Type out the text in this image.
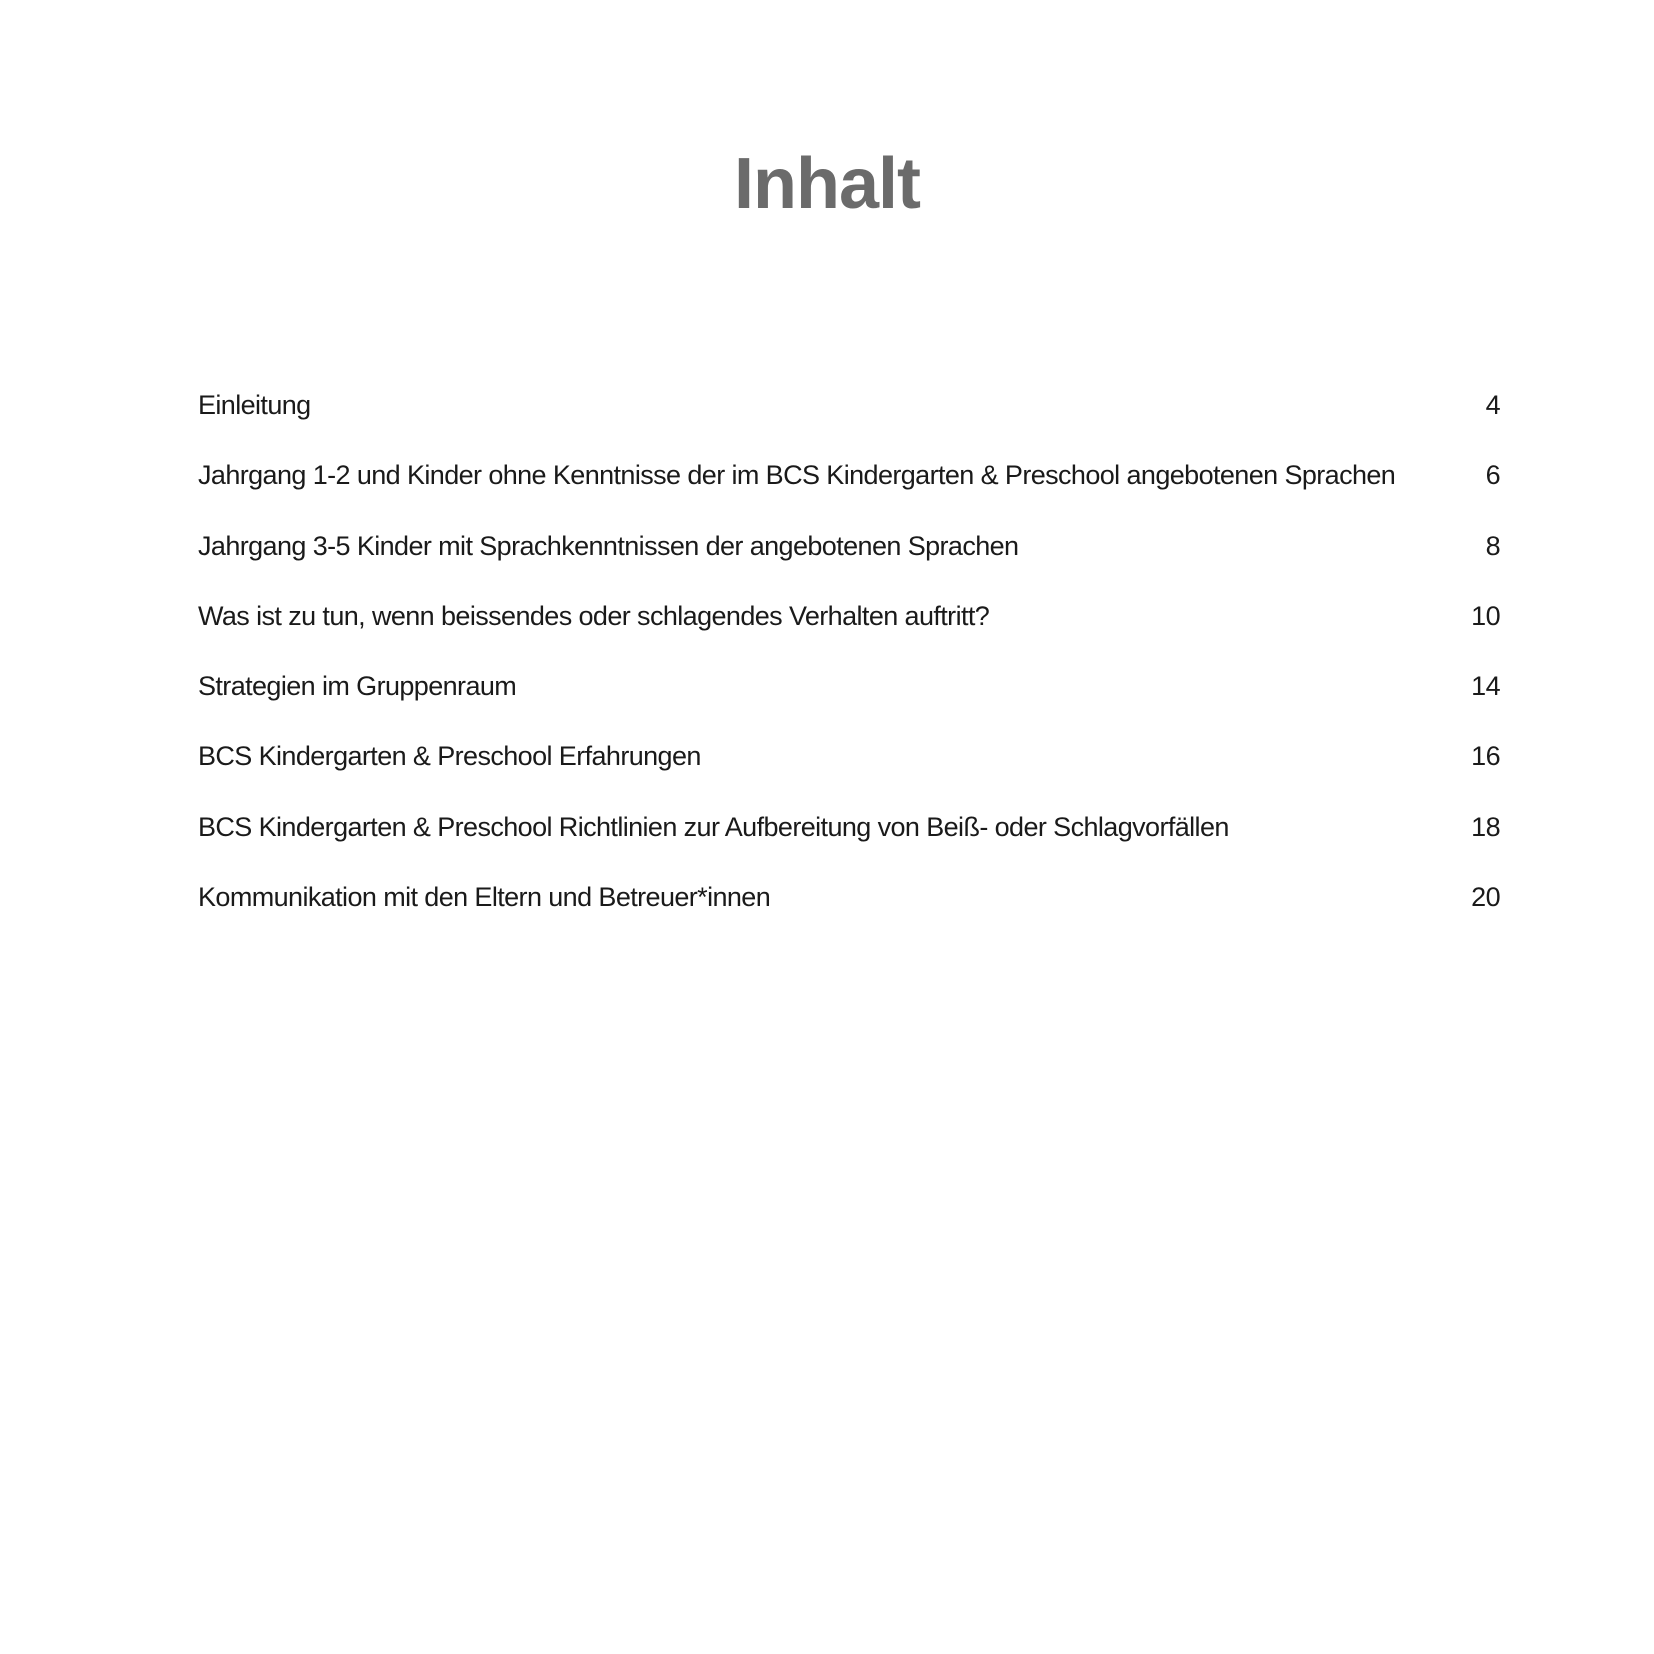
Inhalt
Einleitung	4
Jahrgang 1-2 und Kinder ohne Kenntnisse der im BCS Kindergarten & Preschool angebotenen Sprachen	6
Jahrgang 3-5 Kinder mit Sprachkenntnissen der angebotenen Sprachen	8
Was ist zu tun, wenn beissendes oder schlagendes Verhalten auftritt?	10
Strategien im Gruppenraum	14
BCS Kindergarten & Preschool Erfahrungen	16
BCS Kindergarten & Preschool Richtlinien zur Aufbereitung von Beiß- oder Schlagvorfällen	18
Kommunikation mit den Eltern und Betreuer*innen	20
